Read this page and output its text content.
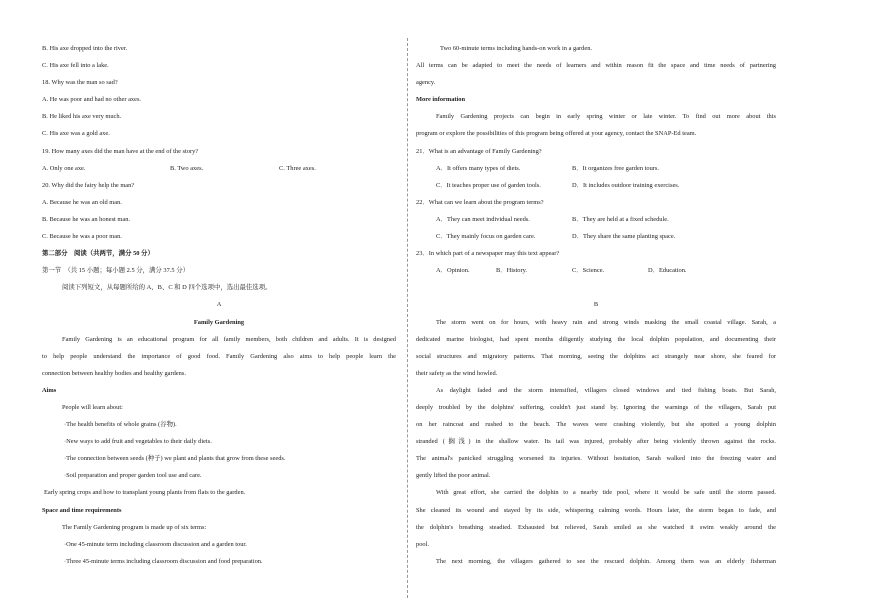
B. His axe dropped into the river.
C. His axe fell into a lake.
18. Why was the man so sad?
A. He was poor and had no other axes.
B. He liked his axe very much.
C. His axe was a gold axe.
19. How many axes did the man have at the end of the story?
A. Only one axe.	B. Two axes.	C. Three axes.
20. Why did the fairy help the man?
A. Because he was an old man.
B. Because he was an honest man.
C. Because he was a poor man.
第二部分　阅读（共两节，满分 50 分）
第一节　（共 15 小题；每小题 2.5 分，满分 37.5 分）
阅读下列短文，从每题所给的 A、B、C 和 D 四个选项中，选出最佳选项。
A
Family Gardening
Family Gardening is an educational program for all family members, both children and adults. It is designed
to help people understand the importance of good food. Family Gardening also aims to help people learn the
connection between healthy bodies and healthy gardens.
Aims
People will learn about:
·The health benefits of whole grains (谷物).
·New ways to add fruit and vegetables to their daily diets.
·The connection between seeds (种子) we plant and plants that grow from these seeds.
·Soil preparation and proper garden tool use and care.
Early spring crops and how to transplant young plants from flats to the garden.
Space and time requirements
The Family Gardening program is made up of six terms:
·One 45-minute term including classroom discussion and a garden tour.
·Three 45-minute terms including classroom discussion and food preparation.
Two 60-minute terms including hands-on work in a garden.
All terms can be adapted to meet the needs of learners and within reason fit the space and time needs of partnering
agency.
More information
Family Gardening projects can begin in early spring winter or late winter. To find out more about this
program or explore the possibilities of this program being offered at your agency, contact the SNAP-Ed team.
21．What is an advantage of Family Gardening?
A．It offers many types of diets.	B．It organizes free garden tours.
C．It teaches proper use of garden tools.	D．It includes outdoor training exercises.
22．What can we learn about the program terms?
A．They can meet individual needs.	B．They are held at a fixed schedule.
C．They mainly focus on garden care.	D．They share the same planting space.
23．In which part of a newspaper may this text appear?
A．Opinion.	B．History.	C．Science.	D．Education.
B
The storm went on for hours, with heavy rain and strong winds masking the small coastal village. Sarah, a
dedicated marine biologist, had spent months diligently studying the local dolphin population, and documenting their
social structures and migratory patterns. That morning, seeing the dolphins act strangely near shore, she feared for
their safety as the wind howled.
As daylight faded and the storm intensified, villagers closed windows and tied fishing boats. But Sarah,
deeply troubled by the dolphins' suffering, couldn't just stand by. Ignoring the warnings of the villagers, Sarah put
on her raincoat and rushed to the beach. The waves were crashing violently, but she spotted a young dolphin
stranded (搁浅) in the shallow water. Its tail was injured, probably after being violently thrown against the rocks.
The animal's panicked struggling worsened its injuries. Without hesitation, Sarah walked into the freezing water and
gently lifted the poor animal.
With great effort, she carried the dolphin to a nearby tide pool, where it would be safe until the storm passed.
She cleaned its wound and stayed by its side, whispering calming words. Hours later, the storm began to fade, and
the dolphin's breathing steadied. Exhausted but relieved, Sarah smiled as she watched it swim weakly around the
pool.
The next morning, the villagers gathered to see the rescued dolphin. Among them was an elderly fisherman
